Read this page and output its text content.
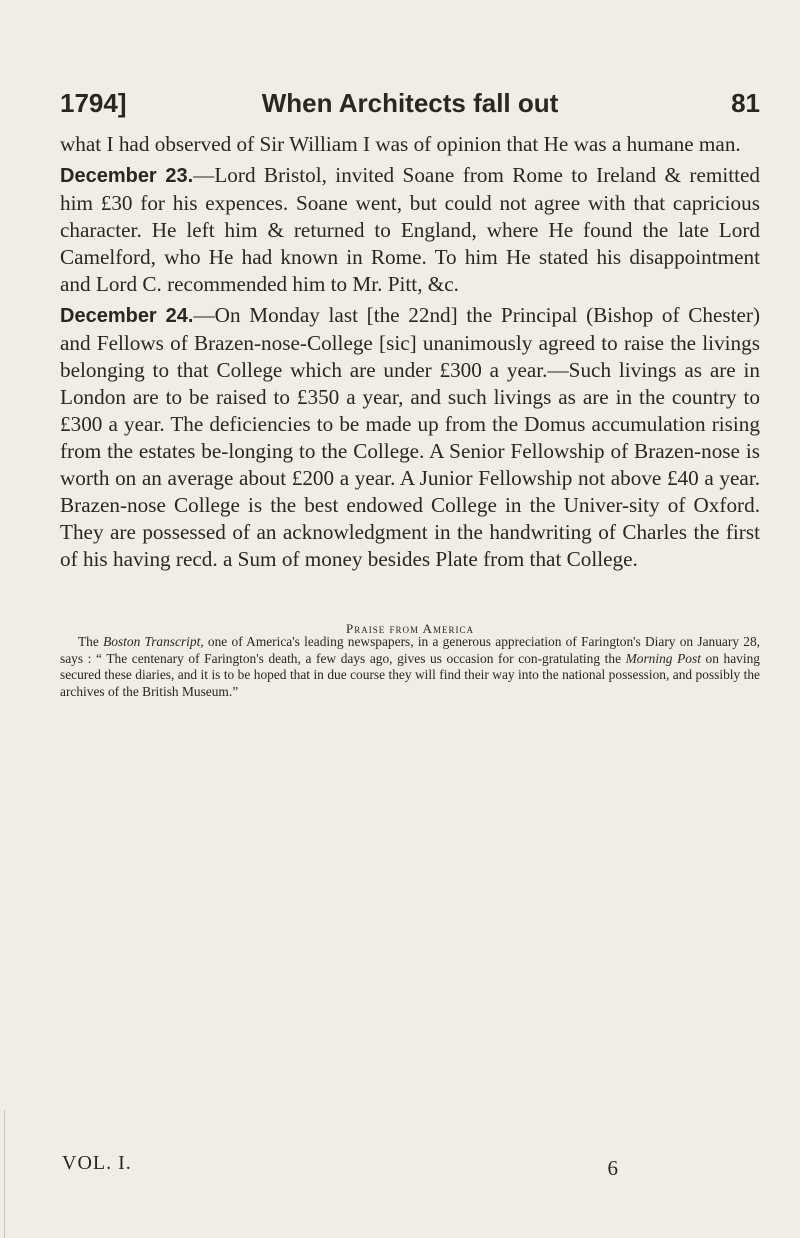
1794]	When Architects fall out	81

what I had observed of Sir William I was of opinion that He was a humane man.

December 23.—Lord Bristol, invited Soane from Rome to Ireland & remitted him £30 for his expences. Soane went, but could not agree with that capricious character. He left him & returned to England, where He found the late Lord Camelford, who He had known in Rome. To him He stated his disappointment and Lord C. recommended him to Mr. Pitt, &c.

December 24.—On Monday last [the 22nd] the Principal (Bishop of Chester) and Fellows of Brazen-nose-College [sic] unanimously agreed to raise the livings belonging to that College which are under £300 a year.—Such livings as are in London are to be raised to £350 a year, and such livings as are in the country to £300 a year. The deficiencies to be made up from the Domus accumulation rising from the estates be-longing to the College. A Senior Fellowship of Brazen-nose is worth on an average about £200 a year. A Junior Fellowship not above £40 a year. Brazen-nose College is the best endowed College in the Univer-sity of Oxford. They are possessed of an acknowledgment in the handwriting of Charles the first of his having recd. a Sum of money besides Plate from that College.

Praise from America

The Boston Transcript, one of America's leading newspapers, in a generous appreciation of Farington's Diary on January 28, says : “ The centenary of Farington's death, a few days ago, gives us occasion for con-gratulating the Morning Post on having secured these diaries, and it is to be hoped that in due course they will find their way into the national possession, and possibly the archives of the British Museum.”

VOL. I.	6
